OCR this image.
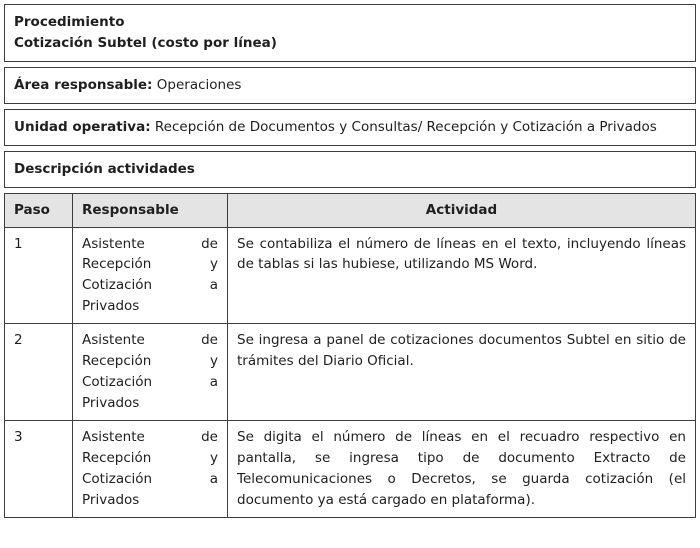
Procedimiento
Cotización Subtel (costo por línea)
Área responsable: Operaciones
Unidad operativa: Recepción de Documentos y Consultas/ Recepción y Cotización a Privados
Descripción actividades
Paso	Responsable	Actividad
1	Asistente de Recepción y Cotización a Privados	Se contabiliza el número de líneas en el texto, incluyendo líneas de tablas si las hubiese, utilizando MS Word.
2	Asistente de Recepción y Cotización a Privados	Se ingresa a panel de cotizaciones documentos Subtel en sitio de trámites del Diario Oficial.
3	Asistente de Recepción y Cotización a Privados	Se digita el número de líneas en el recuadro respectivo en pantalla, se ingresa tipo de documento Extracto de Telecomunicaciones o Decretos, se guarda cotización (el documento ya está cargado en plataforma).
